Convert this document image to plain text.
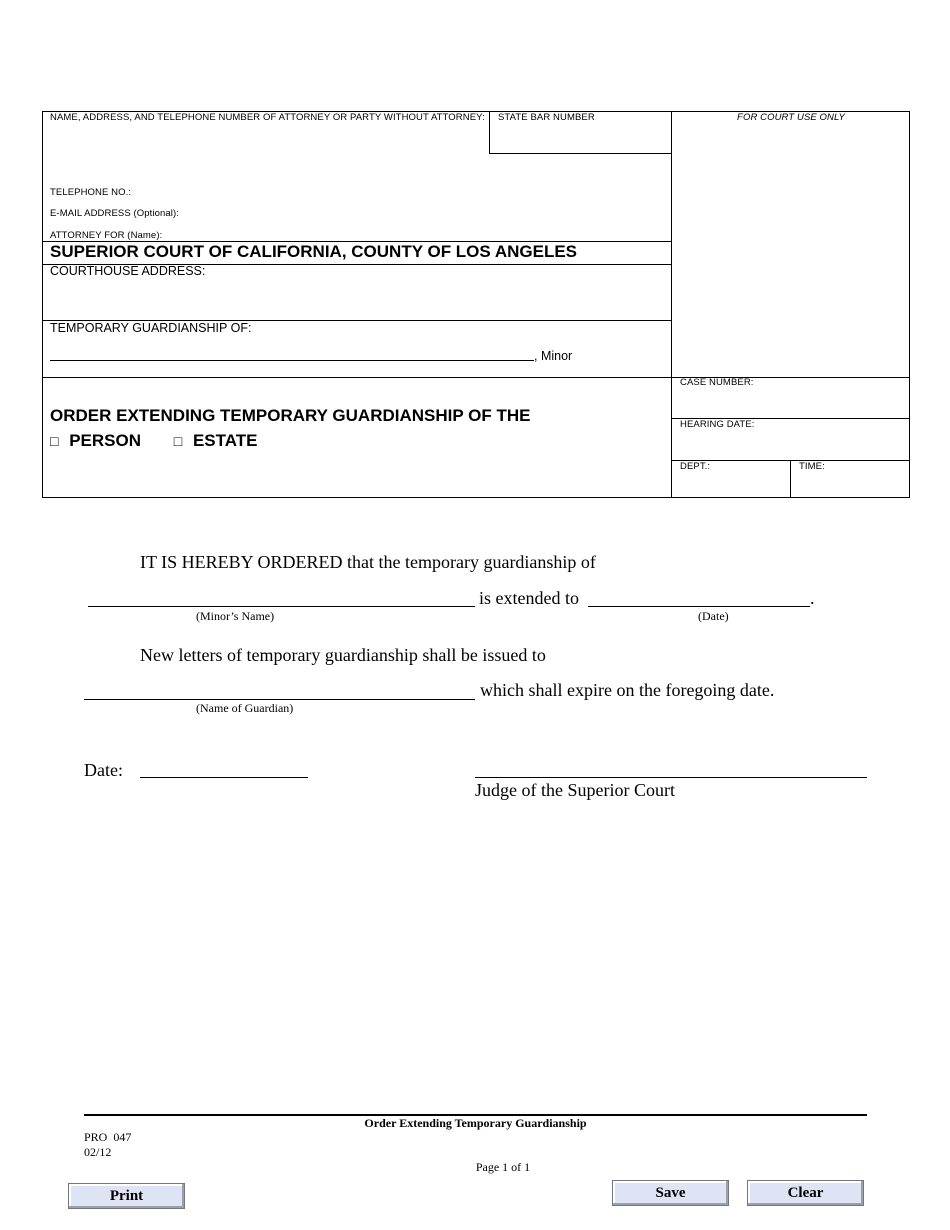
NAME, ADDRESS, AND TELEPHONE NUMBER OF ATTORNEY OR PARTY WITHOUT ATTORNEY: STATE BAR NUMBER	FOR COURT USE ONLY
TELEPHONE NO.:
E-MAIL ADDRESS (Optional):
ATTORNEY FOR (Name):
SUPERIOR COURT OF CALIFORNIA, COUNTY OF LOS ANGELES
COURTHOUSE ADDRESS:
TEMPORARY GUARDIANSHIP OF:
, Minor
CASE NUMBER:
HEARING DATE:
DEPT.:	TIME:
ORDER EXTENDING TEMPORARY GUARDIANSHIP OF THE
□ PERSON □ ESTATE
IT IS HEREBY ORDERED that the temporary guardianship of
is extended to	.
(Minor’s Name)	(Date)
New letters of temporary guardianship shall be issued to
which shall expire on the foregoing date.
(Name of Guardian)
Date:
Judge of the Superior Court
Order Extending Temporary Guardianship
PRO  047
02/12
Page 1 of 1
Print	Save	Clear
